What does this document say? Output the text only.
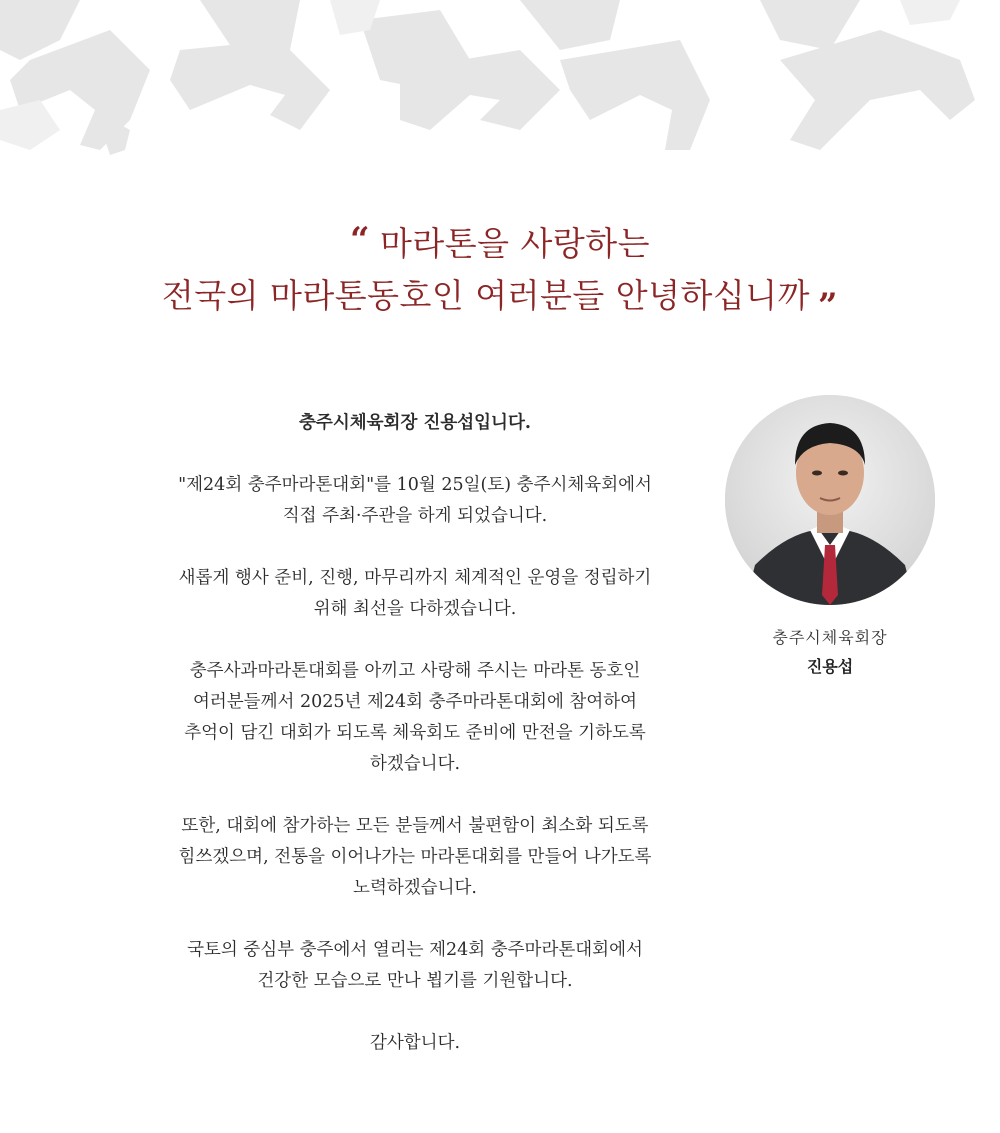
“ 마라톤을 사랑하는
전국의 마라톤동호인 여러분들 안녕하십니까 ”

충주시체육회장 진용섭입니다.

"제24회 충주마라톤대회"를 10월 25일(토) 충주시체육회에서
직접 주최·주관을 하게 되었습니다.

새롭게 행사 준비, 진행, 마무리까지 체계적인 운영을 정립하기
위해 최선을 다하겠습니다.

충주사과마라톤대회를 아끼고 사랑해 주시는 마라톤 동호인
여러분들께서 2025년 제24회 충주마라톤대회에 참여하여
추억이 담긴 대회가 되도록 체육회도 준비에 만전을 기하도록
하겠습니다.

또한, 대회에 참가하는 모든 분들께서 불편함이 최소화 되도록
힘쓰겠으며, 전통을 이어나가는 마라톤대회를 만들어 나가도록
노력하겠습니다.

국토의 중심부 충주에서 열리는 제24회 충주마라톤대회에서
건강한 모습으로 만나 뵙기를 기원합니다.

감사합니다.

충주시체육회장
진용섭
